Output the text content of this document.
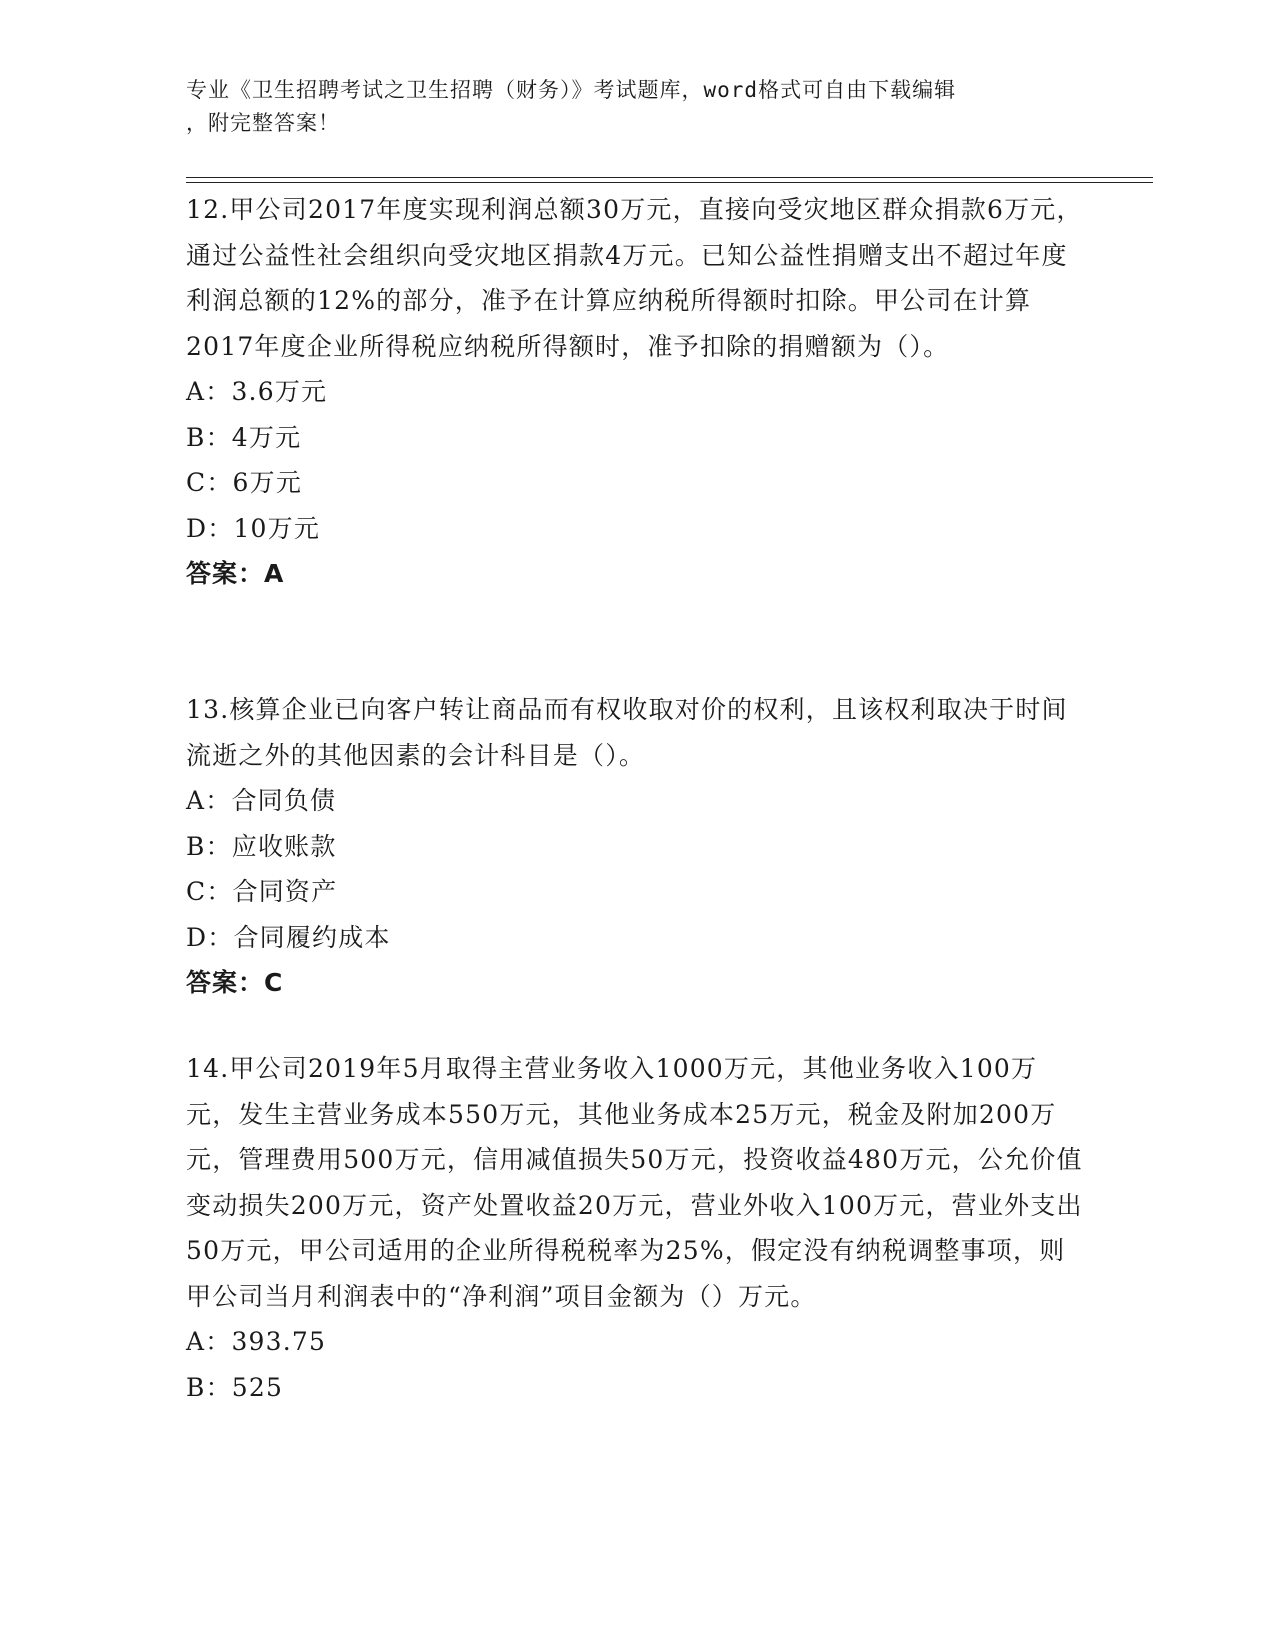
专业《卫生招聘考试之卫生招聘（财务）》考试题库，word格式可自由下载编辑
，附完整答案！

12.甲公司2017年度实现利润总额30万元，直接向受灾地区群众捐款6万元，通过公益性社会组织向受灾地区捐款4万元。已知公益性捐赠支出不超过年度利润总额的12%的部分，准予在计算应纳税所得额时扣除。甲公司在计算2017年度企业所得税应纳税所得额时，准予扣除的捐赠额为（）。

A：3.6万元

B：4万元

C：6万元

D：10万元

答案：A

13.核算企业已向客户转让商品而有权收取对价的权利，且该权利取决于时间流逝之外的其他因素的会计科目是（）。

A：合同负债

B：应收账款

C：合同资产

D：合同履约成本

答案：C

14.甲公司2019年5月取得主营业务收入1000万元，其他业务收入100万元，发生主营业务成本550万元，其他业务成本25万元，税金及附加200万元，管理费用500万元，信用减值损失50万元，投资收益480万元，公允价值变动损失200万元，资产处置收益20万元，营业外收入100万元，营业外支出50万元，甲公司适用的企业所得税税率为25%，假定没有纳税调整事项，则甲公司当月利润表中的“净利润”项目金额为（）万元。

A：393.75

B：525
